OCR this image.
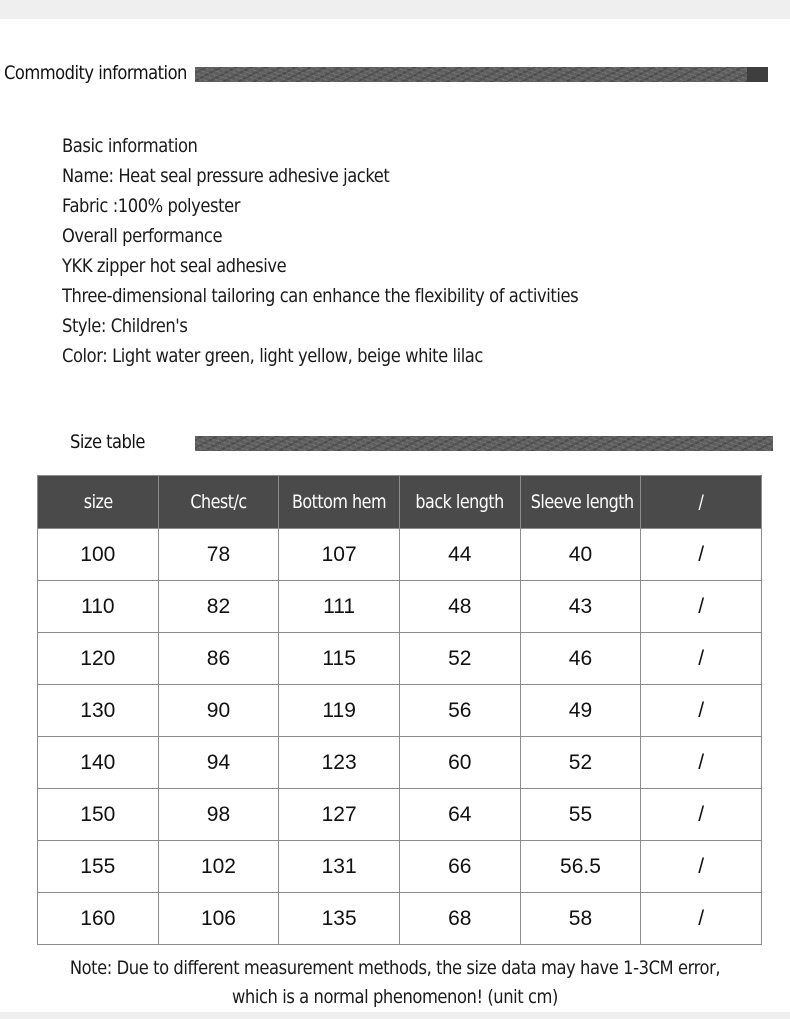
Commodity information
Basic information
Name: Heat seal pressure adhesive jacket
Fabric :100% polyester
Overall performance
YKK zipper hot seal adhesive
Three-dimensional tailoring can enhance the flexibility of activities
Style: Children's
Color: Light water green, light yellow, beige white lilac
Size table
size	Chest/c	Bottom hem	back length	Sleeve length	/
100	78	107	44	40	/
110	82	111	48	43	/
120	86	115	52	46	/
130	90	119	56	49	/
140	94	123	60	52	/
150	98	127	64	55	/
155	102	131	66	56.5	/
160	106	135	68	58	/
Note: Due to different measurement methods, the size data may have 1-3CM error,
which is a normal phenomenon! (unit cm)
